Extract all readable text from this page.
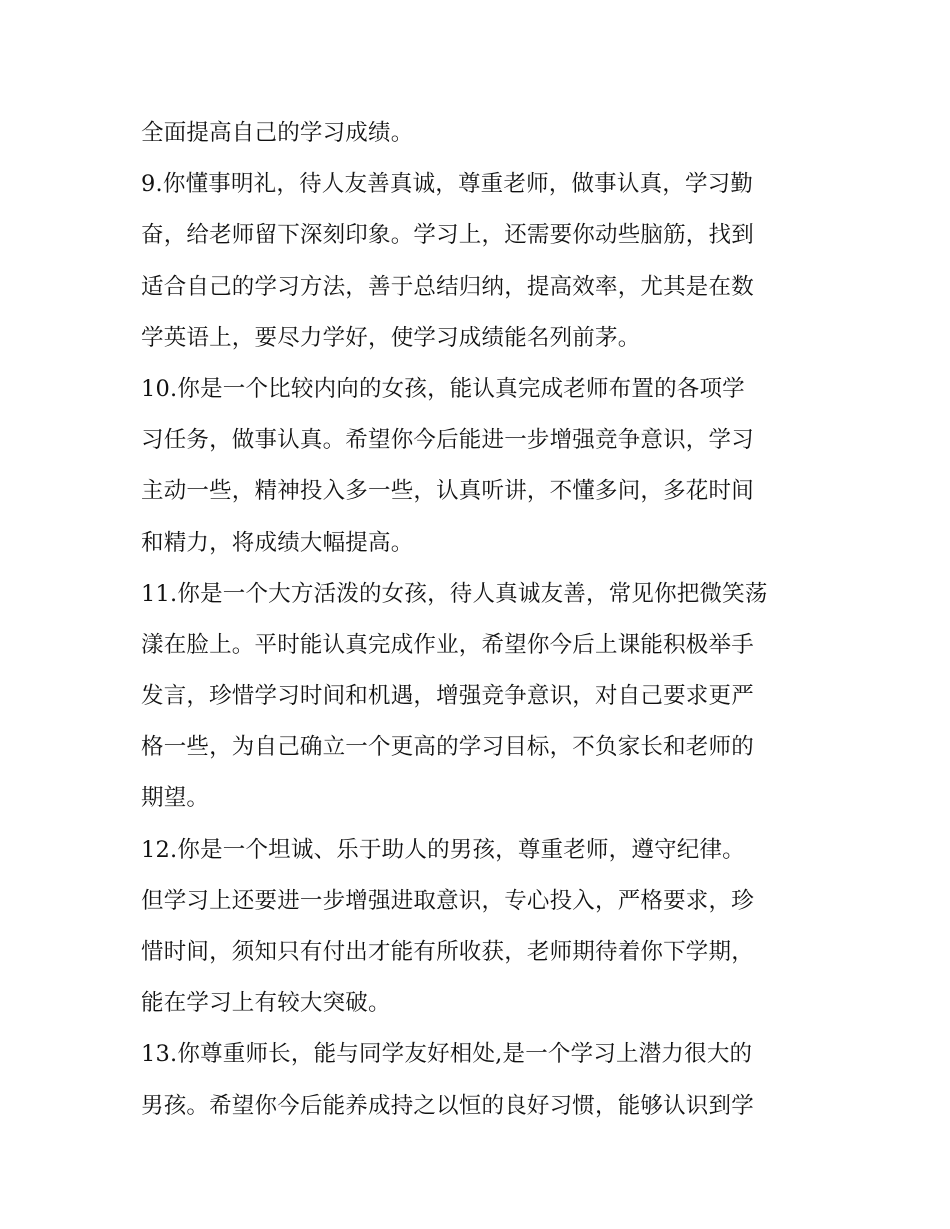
全面提高自己的学习成绩。
9.你懂事明礼，待人友善真诚，尊重老师，做事认真，学习勤
奋，给老师留下深刻印象。学习上，还需要你动些脑筋，找到
适合自己的学习方法，善于总结归纳，提高效率，尤其是在数
学英语上，要尽力学好，使学习成绩能名列前茅。
10.你是一个比较内向的女孩，能认真完成老师布置的各项学
习任务，做事认真。希望你今后能进一步增强竞争意识，学习
主动一些，精神投入多一些，认真听讲，不懂多问，多花时间
和精力，将成绩大幅提高。
11.你是一个大方活泼的女孩，待人真诚友善，常见你把微笑荡
漾在脸上。平时能认真完成作业，希望你今后上课能积极举手
发言，珍惜学习时间和机遇，增强竞争意识，对自己要求更严
格一些，为自己确立一个更高的学习目标，不负家长和老师的
期望。
12.你是一个坦诚、乐于助人的男孩，尊重老师，遵守纪律。
但学习上还要进一步增强进取意识，专心投入，严格要求，珍
惜时间，须知只有付出才能有所收获，老师期待着你下学期，
能在学习上有较大突破。
13.你尊重师长，能与同学友好相处,是一个学习上潜力很大的
男孩。希望你今后能养成持之以恒的良好习惯，能够认识到学
